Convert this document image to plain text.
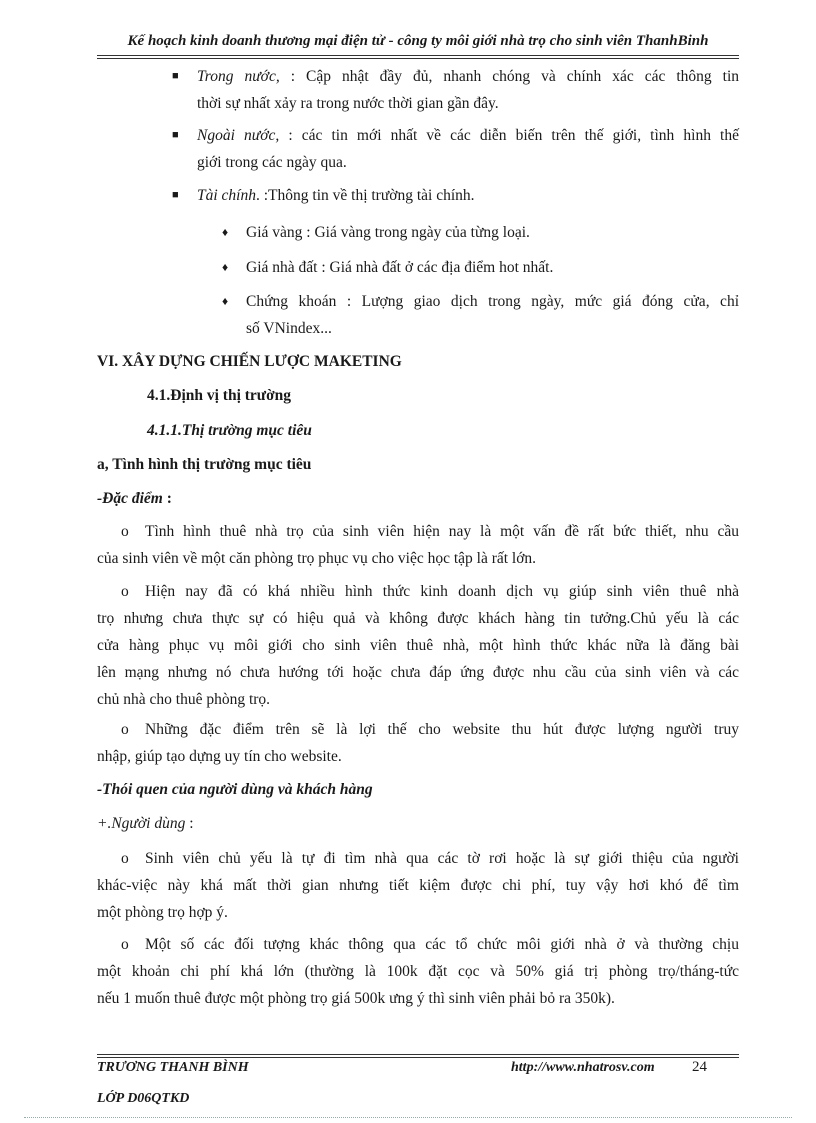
Kế hoạch kinh doanh thương mại điện tử - công ty môi giới nhà trọ cho sinh viên ThanhBinh
■ Trong nước, : Cập nhật đầy đủ, nhanh chóng và chính xác các thông tin
thời sự nhất xảy ra trong nước thời gian gần đây.
■ Ngoài nước, : các tin mới nhất về các diễn biến trên thế giới, tình hình thế
giới trong các ngày qua.
■ Tài chính. :Thông tin về thị trường tài chính.
♦ Giá vàng : Giá vàng trong ngày của từng loại.
♦ Giá nhà đất : Giá nhà đất ở các địa điểm hot nhất.
♦ Chứng khoán : Lượng giao dịch trong ngày, mức giá đóng cửa, chỉ
số VNindex...
VI. XÂY DỰNG CHIẾN LƯỢC MAKETING
4.1.Định vị thị trường
4.1.1.Thị trường mục tiêu
a, Tình hình thị trường mục tiêu
-Đặc điểm :
o Tình hình thuê nhà trọ của sinh viên hiện nay là một vấn đề rất bức thiết, nhu cầu
của sinh viên về một căn phòng trọ phục vụ cho việc học tập là rất lớn.
o Hiện nay đã có khá nhiều hình thức kinh doanh dịch vụ giúp sinh viên thuê nhà
trọ nhưng chưa thực sự có hiệu quả và không được khách hàng tin tưởng.Chủ yếu là các
cửa hàng phục vụ môi giới cho sinh viên thuê nhà, một hình thức khác nữa là đăng bài
lên mạng nhưng nó chưa hướng tới hoặc chưa đáp ứng được nhu cầu của sinh viên và các
chủ nhà cho thuê phòng trọ.
o Những đặc điểm trên sẽ là lợi thế cho website thu hút được lượng người truy
nhập, giúp tạo dựng uy tín cho website.
-Thói quen của người dùng và khách hàng
+.Người dùng :
o Sinh viên chủ yếu là tự đi tìm nhà qua các tờ rơi hoặc là sự giới thiệu của người
khác-việc này khá mất thời gian nhưng tiết kiệm được chi phí, tuy vậy hơi khó để tìm
một phòng trọ hợp ý.
o Một số các đối tượng khác thông qua các tổ chức môi giới nhà ở và thường chịu
một khoản chi phí khá lớn (thường là 100k đặt cọc và 50% giá trị phòng trọ/tháng-tức
nếu 1 muốn thuê được một phòng trọ giá 500k ưng ý thì sinh viên phải bỏ ra 350k).
TRƯƠNG THANH BÌNH	http://www.nhatrosv.com 24
LỚP D06QTKD
